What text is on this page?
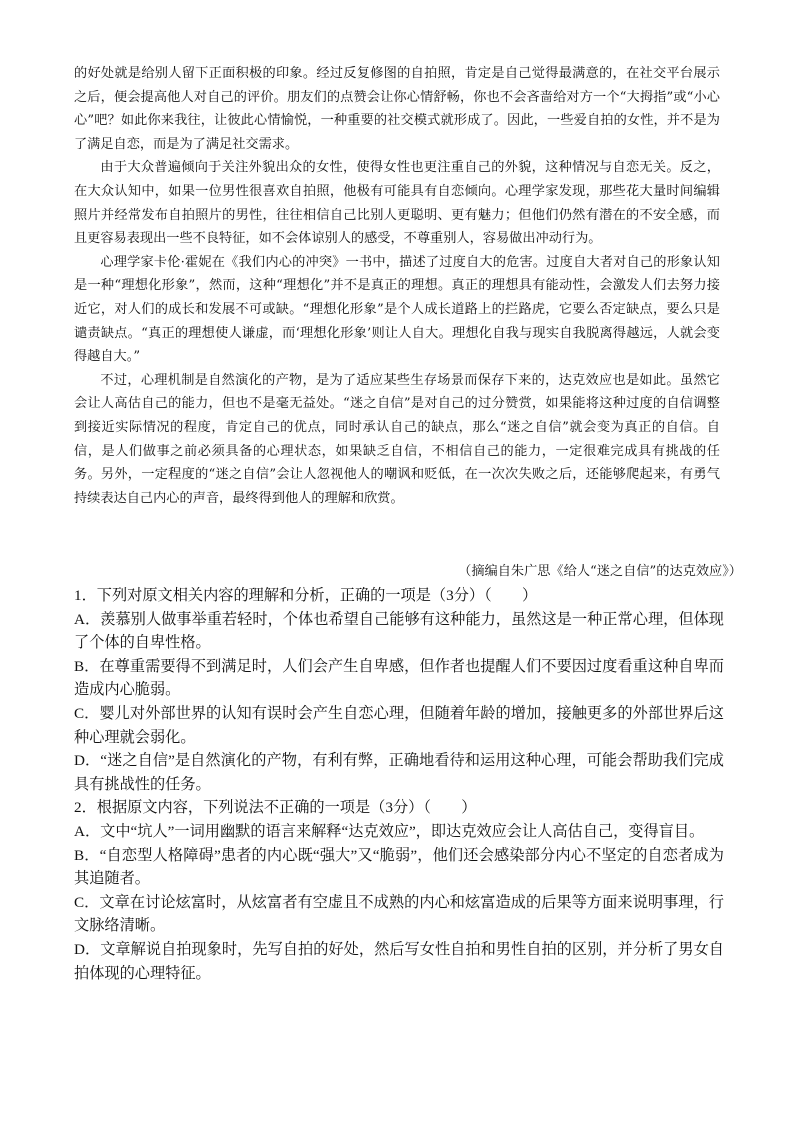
的好处就是给别人留下正面积极的印象。经过反复修图的自拍照，肯定是自己觉得最满意的，在社交平台展示之后，便会提高他人对自己的评价。朋友们的点赞会让你心情舒畅，你也不会吝啬给对方一个“大拇指”或“小心心”吧？如此你来我往，让彼此心情愉悦，一种重要的社交模式就形成了。因此，一些爱自拍的女性，并不是为了满足自恋，而是为了满足社交需求。

由于大众普遍倾向于关注外貌出众的女性，使得女性也更注重自己的外貌，这种情况与自恋无关。反之，在大众认知中，如果一位男性很喜欢自拍照，他极有可能具有自恋倾向。心理学家发现，那些花大量时间编辑照片并经常发布自拍照片的男性，往往相信自己比别人更聪明、更有魅力；但他们仍然有潜在的不安全感，而且更容易表现出一些不良特征，如不会体谅别人的感受，不尊重别人，容易做出冲动行为。

心理学家卡伦·霍妮在《我们内心的冲突》一书中，描述了过度自大的危害。过度自大者对自己的形象认知是一种“理想化形象”，然而，这种“理想化”并不是真正的理想。真正的理想具有能动性，会激发人们去努力接近它，对人们的成长和发展不可或缺。“理想化形象”是个人成长道路上的拦路虎，它要么否定缺点，要么只是谴责缺点。“真正的理想使人谦虚，而‘理想化形象’则让人自大。理想化自我与现实自我脱离得越远，人就会变得越自大。”

不过，心理机制是自然演化的产物，是为了适应某些生存场景而保存下来的，达克效应也是如此。虽然它会让人高估自己的能力，但也不是毫无益处。“迷之自信”是对自己的过分赞赏，如果能将这种过度的自信调整到接近实际情况的程度，肯定自己的优点，同时承认自己的缺点，那么“迷之自信”就会变为真正的自信。自信，是人们做事之前必须具备的心理状态，如果缺乏自信，不相信自己的能力，一定很难完成具有挑战的任务。另外，一定程度的“迷之自信”会让人忽视他人的嘲讽和贬低，在一次次失败之后，还能够爬起来，有勇气持续表达自己内心的声音，最终得到他人的理解和欣赏。

（摘编自朱广思《给人“迷之自信”的达克效应》）

1．下列对原文相关内容的理解和分析，正确的一项是（3分）（　　）

A．羡慕别人做事举重若轻时，个体也希望自己能够有这种能力，虽然这是一种正常心理，但体现了个体的自卑性格。

B．在尊重需要得不到满足时，人们会产生自卑感，但作者也提醒人们不要因过度看重这种自卑而造成内心脆弱。

C．婴儿对外部世界的认知有误时会产生自恋心理，但随着年龄的增加，接触更多的外部世界后这种心理就会弱化。

D．“迷之自信”是自然演化的产物，有利有弊，正确地看待和运用这种心理，可能会帮助我们完成具有挑战性的任务。

2．根据原文内容，下列说法不正确的一项是（3分）（　　）

A．文中“坑人”一词用幽默的语言来解释“达克效应”，即达克效应会让人高估自己，变得盲目。

B．“自恋型人格障碍”患者的内心既“强大”又“脆弱”，他们还会感染部分内心不坚定的自恋者成为其追随者。

C．文章在讨论炫富时，从炫富者有空虚且不成熟的内心和炫富造成的后果等方面来说明事理，行文脉络清晰。

D．文章解说自拍现象时，先写自拍的好处，然后写女性自拍和男性自拍的区别，并分析了男女自拍体现的心理特征。
